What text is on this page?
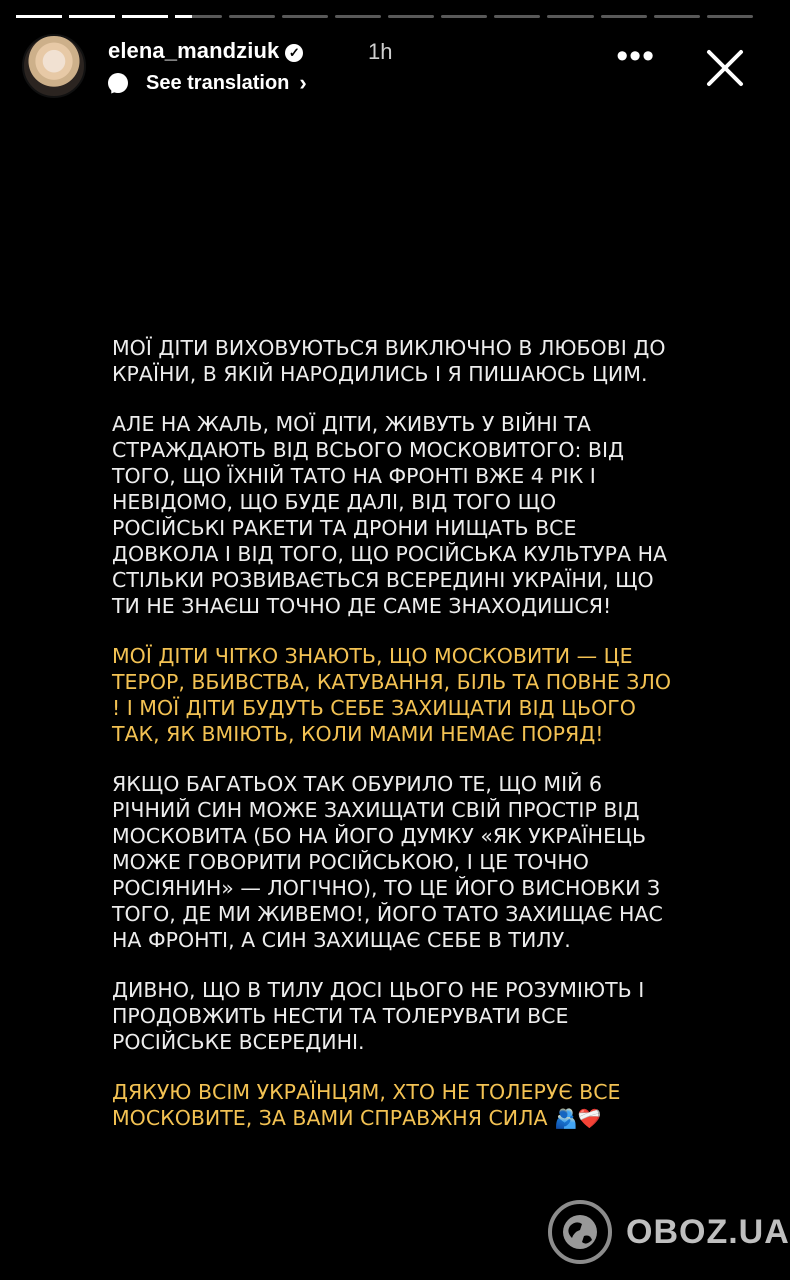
elena_mandziuk ✓	1h
See translation ›
•••

МОЇ ДІТИ ВИХОВУЮТЬСЯ ВИКЛЮЧНО В ЛЮБОВІ ДО КРАЇНИ, В ЯКІЙ НАРОДИЛИСЬ І Я ПИШАЮСЬ ЦИМ.

АЛЕ НА ЖАЛЬ, МОЇ ДІТИ, ЖИВУТЬ У ВІЙНІ ТА СТРАЖДАЮТЬ ВІД ВСЬОГО МОСКОВИТОГО: ВІД ТОГО, ЩО ЇХНІЙ ТАТО НА ФРОНТІ ВЖЕ 4 РІК І НЕВІДОМО, ЩО БУДЕ ДАЛІ, ВІД ТОГО ЩО РОСІЙСЬКІ РАКЕТИ ТА ДРОНИ НИЩАТЬ ВСЕ ДОВКОЛА І ВІД ТОГО, ЩО РОСІЙСЬКА КУЛЬТУРА НА СТІЛЬКИ РОЗВИВАЄТЬСЯ ВСЕРЕДИНІ УКРАЇНИ, ЩО ТИ НЕ ЗНАЄШ ТОЧНО ДЕ САМЕ ЗНАХОДИШСЯ!

МОЇ ДІТИ ЧІТКО ЗНАЮТЬ, ЩО МОСКОВИТИ — ЦЕ ТЕРОР, ВБИВСТВА, КАТУВАННЯ, БІЛЬ ТА ПОВНЕ ЗЛО ! І МОЇ ДІТИ БУДУТЬ СЕБЕ ЗАХИЩАТИ ВІД ЦЬОГО ТАК, ЯК ВМІЮТЬ, КОЛИ МАМИ НЕМАЄ ПОРЯД!

ЯКЩО БАГАТЬОХ ТАК ОБУРИЛО ТЕ, ЩО МІЙ 6 РІЧНИЙ СИН МОЖЕ ЗАХИЩАТИ СВІЙ ПРОСТІР ВІД МОСКОВИТА (БО НА ЙОГО ДУМКУ «ЯК УКРАЇНЕЦЬ МОЖЕ ГОВОРИТИ РОСІЙСЬКОЮ, І ЦЕ ТОЧНО РОСІЯНИН» — ЛОГІЧНО), ТО ЦЕ ЙОГО ВИСНОВКИ З ТОГО, ДЕ МИ ЖИВЕМО!, ЙОГО ТАТО ЗАХИЩАЄ НАС НА ФРОНТІ, А СИН ЗАХИЩАЄ СЕБЕ В ТИЛУ.

ДИВНО, ЩО В ТИЛУ ДОСІ ЦЬОГО НЕ РОЗУМІЮТЬ І ПРОДОВЖИТЬ НЕСТИ ТА ТОЛЕРУВАТИ ВСЕ РОСІЙСЬКЕ ВСЕРЕДИНІ.

ДЯКУЮ ВСІМ УКРАЇНЦЯМ, ХТО НЕ ТОЛЕРУЄ ВСЕ МОСКОВИТЕ, ЗА ВАМИ СПРАВЖНЯ СИЛА 🫂❤️‍🩹

OBOZ.UA
